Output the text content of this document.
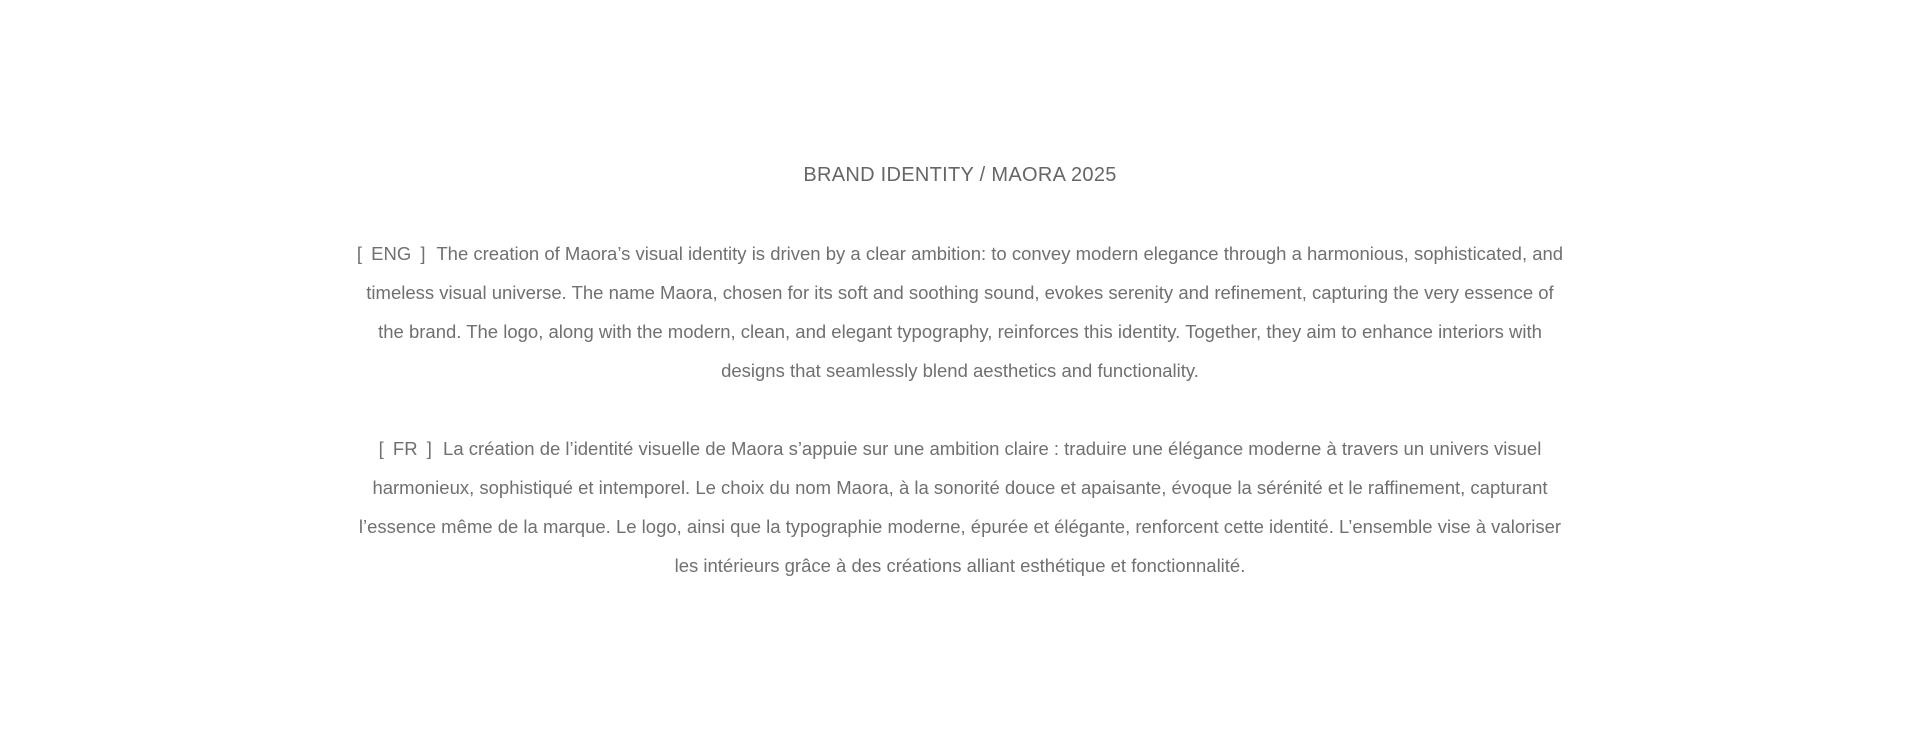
BRAND IDENTITY / MAORA 2025

[ ENG ] The creation of Maora’s visual identity is driven by a clear ambition: to convey modern elegance through a harmonious, sophisticated, and timeless visual universe. The name Maora, chosen for its soft and soothing sound, evokes serenity and refinement, capturing the very essence of the brand. The logo, along with the modern, clean, and elegant typography, reinforces this identity. Together, they aim to enhance interiors with designs that seamlessly blend aesthetics and functionality.

[ FR ] La création de l’identité visuelle de Maora s’appuie sur une ambition claire : traduire une élégance moderne à travers un univers visuel harmonieux, sophistiqué et intemporel. Le choix du nom Maora, à la sonorité douce et apaisante, évoque la sérénité et le raffinement, capturant l’essence même de la marque. Le logo, ainsi que la typographie moderne, épurée et élégante, renforcent cette identité. L’ensemble vise à valoriser les intérieurs grâce à des créations alliant esthétique et fonctionnalité.
